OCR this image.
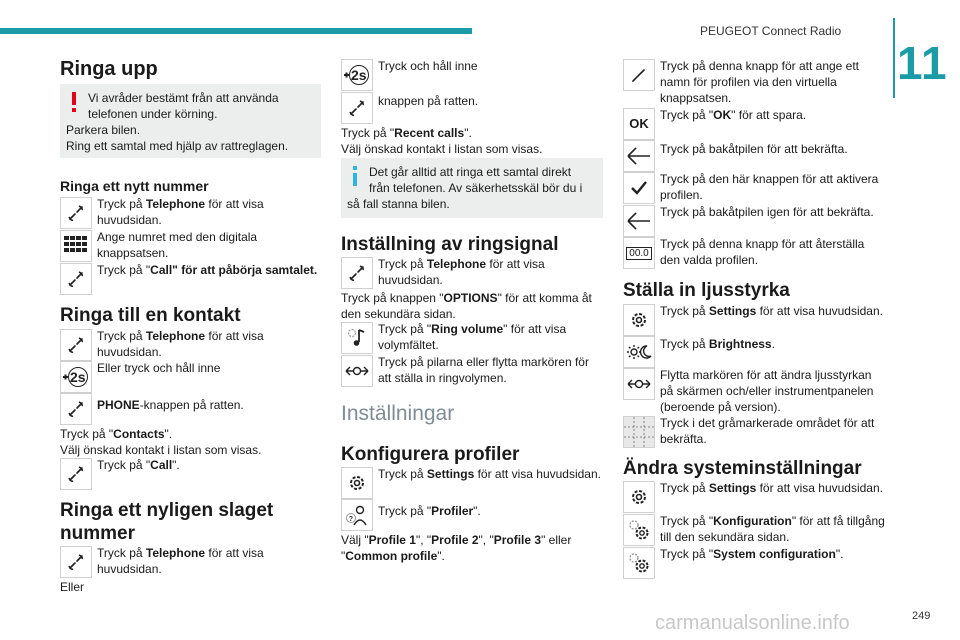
PEUGEOT Connect Radio
11
249
carmanualsonline.info
Ringa upp
Vi avråder bestämt från att använda
telefonen under körning.
Parkera bilen.
Ring ett samtal med hjälp av rattreglagen.
Ringa ett nytt nummer
Tryck på Telephone för att visa huvudsidan.
Ange numret med den digitala knappsatsen.
Tryck på "Call" för att påbörja samtalet.
Ringa till en kontakt
Tryck på Telephone för att visa huvudsidan.
2s
Eller tryck och håll inne
PHONE-knappen på ratten.
Tryck på "Contacts".
Välj önskad kontakt i listan som visas.
Tryck på "Call".
Ringa ett nyligen slaget
nummer
Tryck på Telephone för att visa huvudsidan.
Eller
2s
Tryck och håll inne
knappen på ratten.
Tryck på "Recent calls".
Välj önskad kontakt i listan som visas.
Det går alltid att ringa ett samtal direkt
från telefonen. Av säkerhetsskäl bör du i
så fall stanna bilen.
Inställning av ringsignal
Tryck på Telephone för att visa huvudsidan.
Tryck på knappen "OPTIONS" för att komma åt den sekundära sidan.
Tryck på "Ring volume" för att visa volymfältet.
Tryck på pilarna eller flytta markören för att ställa in ringvolymen.
Inställningar
Konfigurera profiler
Tryck på Settings för att visa huvudsidan.
?
Tryck på "Profiler".
Välj "Profile 1", "Profile 2", "Profile 3" eller
"Common profile".
Tryck på denna knapp för att ange ett namn för profilen via den virtuella knappsatsen.
OK
Tryck på "OK" för att spara.
Tryck på bakåtpilen för att bekräfta.
Tryck på den här knappen för att aktivera profilen.
Tryck på bakåtpilen igen för att bekräfta.
00.0
Tryck på denna knapp för att återställa den valda profilen.
Ställa in ljusstyrka
Tryck på Settings för att visa huvudsidan.
Tryck på Brightness.
Flytta markören för att ändra ljusstyrkan på skärmen och/eller instrumentpanelen (beroende på version).
Tryck i det gråmarkerade området för att bekräfta.
Ändra systeminställningar
Tryck på Settings för att visa huvudsidan.
Tryck på "Konfiguration" för att få tillgång till den sekundära sidan.
Tryck på "System configuration".
